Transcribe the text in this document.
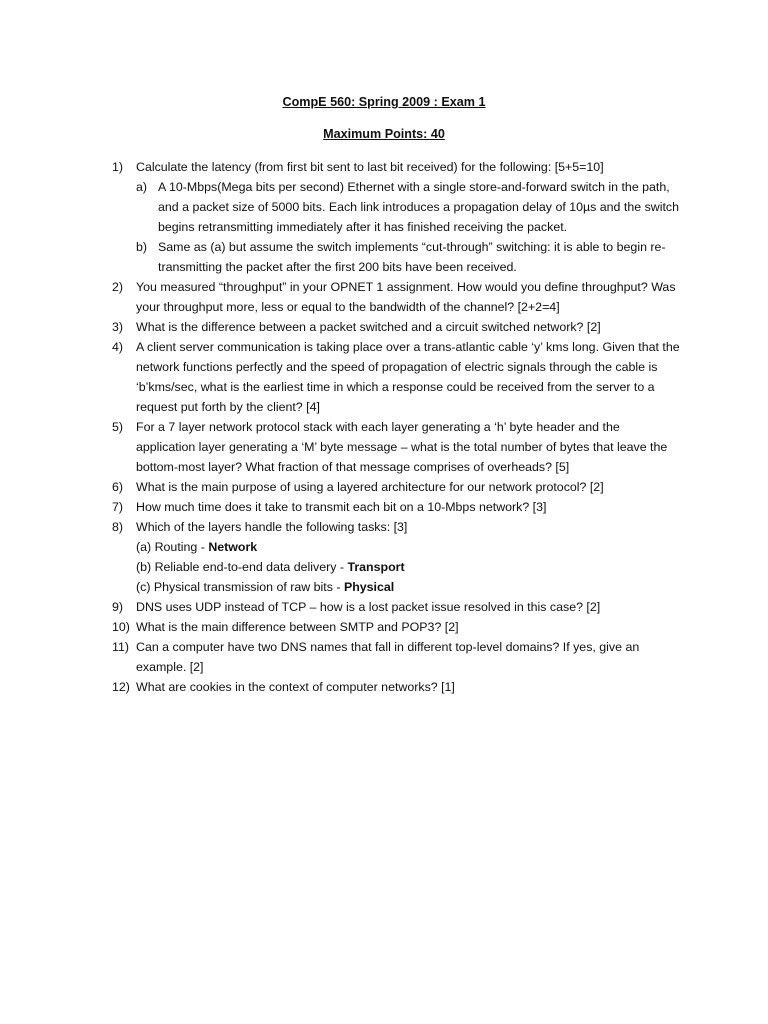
CompE 560: Spring 2009 : Exam 1
Maximum Points: 40
1)	Calculate the latency (from first bit sent to last bit received) for the following: [5+5=10]
a) A 10-Mbps(Mega bits per second) Ethernet with a single store-and-forward switch in the path, and a packet size of 5000 bits. Each link introduces a propagation delay of 10µs and the switch begins retransmitting immediately after it has finished receiving the packet.
b) Same as (a) but assume the switch implements “cut-through” switching: it is able to begin re-transmitting the packet after the first 200 bits have been received.
2)	You measured “throughput” in your OPNET 1 assignment. How would you define throughput? Was your throughput more, less or equal to the bandwidth of the channel? [2+2=4]
3)	What is the difference between a packet switched and a circuit switched network? [2]
4)	A client server communication is taking place over a trans-atlantic cable ‘y’ kms long. Given that the network functions perfectly and the speed of propagation of electric signals through the cable is ‘b’kms/sec, what is the earliest time in which a response could be received from the server to a request put forth by the client? [4]
5)	For a 7 layer network protocol stack with each layer generating a ‘h’ byte header and the application layer generating a ‘M’ byte message – what is the total number of bytes that leave the bottom-most layer? What fraction of that message comprises of overheads? [5]
6)	What is the main purpose of using a layered architecture for our network protocol? [2]
7)	How much time does it take to transmit each bit on a 10-Mbps network? [3]
8)	Which of the layers handle the following tasks: [3]
(a) Routing - Network
(b) Reliable end-to-end data delivery - Transport
(c) Physical transmission of raw bits - Physical
9)	DNS uses UDP instead of TCP – how is a lost packet issue resolved in this case? [2]
10) What is the main difference between SMTP and POP3? [2]
11) Can a computer have two DNS names that fall in different top-level domains? If yes, give an example. [2]
12) What are cookies in the context of computer networks? [1]
